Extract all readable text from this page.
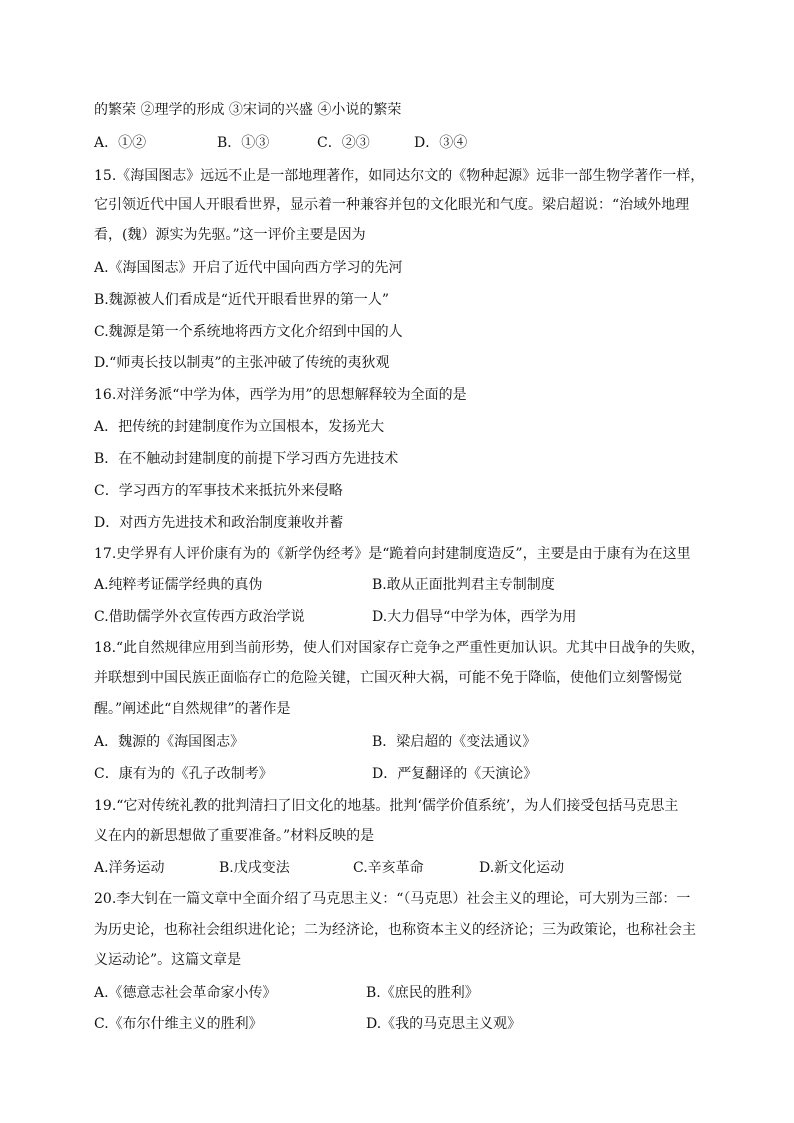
的繁荣 ②理学的形成 ③宋词的兴盛 ④小说的繁荣
A．①②	B．①③	C．②③	D．③④
15.《海国图志》远远不止是一部地理著作，如同达尔文的《物种起源》远非一部生物学著作一样，
它引领近代中国人开眼看世界，显示着一种兼容并包的文化眼光和气度。梁启超说：“治域外地理
看，(魏）源实为先驱。”这一评价主要是因为
A.《海国图志》开启了近代中国向西方学习的先河
B.魏源被人们看成是“近代开眼看世界的第一人”
C.魏源是第一个系统地将西方文化介绍到中国的人
D.“师夷长技以制夷”的主张冲破了传统的夷狄观
16.对洋务派“中学为体，西学为用”的思想解释较为全面的是
A．把传统的封建制度作为立国根本，发扬光大
B．在不触动封建制度的前提下学习西方先进技术
C．学习西方的军事技术来抵抗外来侵略
D．对西方先进技术和政治制度兼收并蓄
17.史学界有人评价康有为的《新学伪经考》是“跪着向封建制度造反”，主要是由于康有为在这里
A.纯粹考证儒学经典的真伪	B.敢从正面批判君主专制制度
C.借助儒学外衣宣传西方政治学说	D.大力倡导“中学为体，西学为用
18.“此自然规律应用到当前形势，使人们对国家存亡竞争之严重性更加认识。尤其中日战争的失败，
并联想到中国民族正面临存亡的危险关键，亡国灭种大祸，可能不免于降临，使他们立刻警惕觉
醒。”阐述此“自然规律”的著作是
A．魏源的《海国图志》	B．梁启超的《变法通议》
C．康有为的《孔子改制考》	D．严复翻译的《天演论》
19.“它对传统礼教的批判清扫了旧文化的地基。批判‘儒学价值系统’，为人们接受包括马克思主
义在内的新思想做了重要准备。”材料反映的是
A.洋务运动	B.戊戌变法	C.辛亥革命	D.新文化运动
20.李大钊在一篇文章中全面介绍了马克思主义：“（马克思）社会主义的理论，可大别为三部：一
为历史论，也称社会组织进化论；二为经济论，也称资本主义的经济论；三为政策论，也称社会主
义运动论”。这篇文章是
A.《德意志社会革命家小传》	B.《庶民的胜利》
C.《布尔什维主义的胜利》	D.《我的马克思主义观》
